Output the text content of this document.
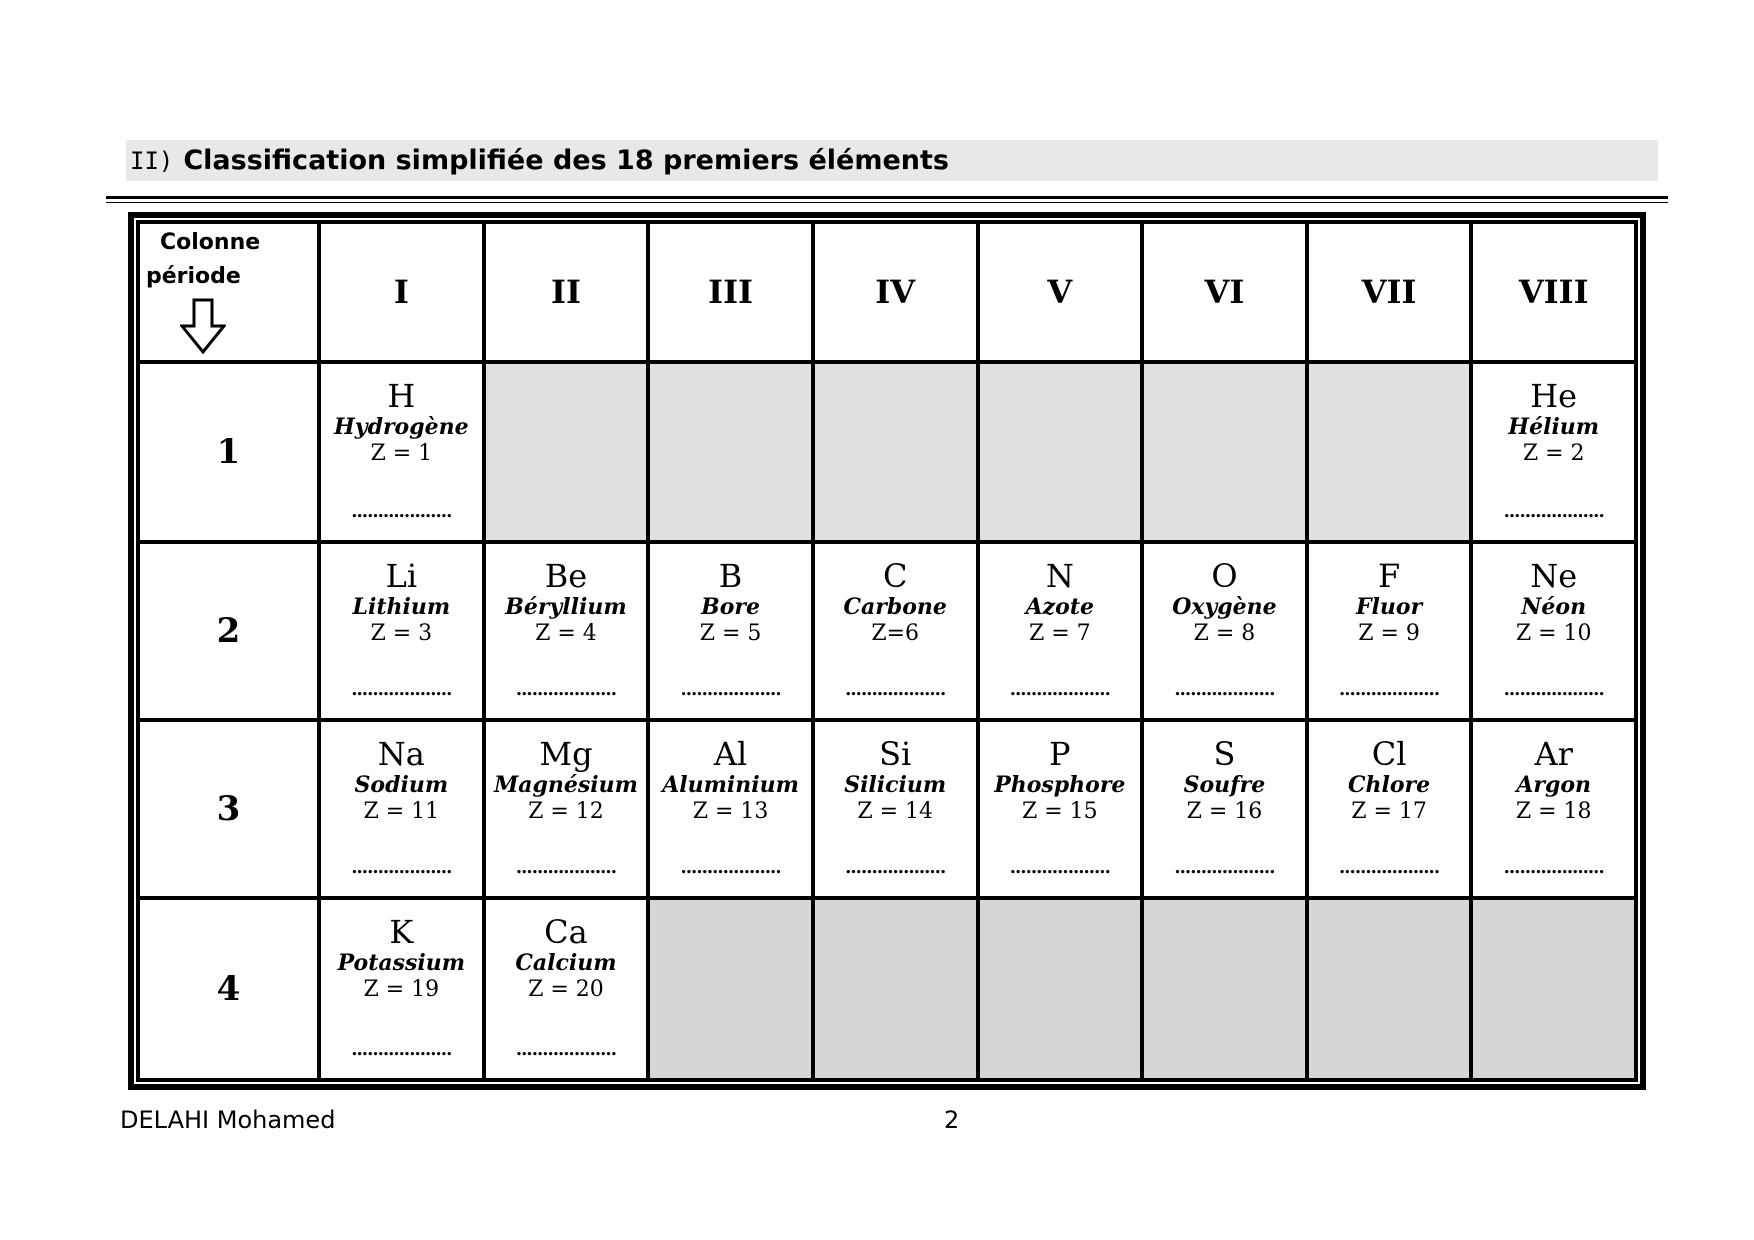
II) Classification simplifiée des 18 premiers éléments
Colonne
période	I	II	III	IV	V	VI	VII	VIII
1	H
Hydrogène
Z = 1
...................							He
Hélium
Z = 2
...................

2	Li
Lithium
Z = 3
...................	Be
Béryllium
Z = 4
...................	B
Bore
Z = 5
...................	C
Carbone
Z=6
...................	N
Azote
Z = 7
...................	O
Oxygène
Z = 8
...................	F
Fluor
Z = 9
...................	Ne
Néon
Z = 10
...................

3	Na
Sodium
Z = 11
...................	Mg
Magnésium
Z = 12
...................	Al
Aluminium
Z = 13
...................	Si
Silicium
Z = 14
...................	P
Phosphore
Z = 15
...................	S
Soufre
Z = 16
...................	Cl
Chlore
Z = 17
...................	Ar
Argon
Z = 18
...................

4	K
Potassium
Z = 19
...................	Ca
Calcium
Z = 20
...................						

DELAHI Mohamed	2
